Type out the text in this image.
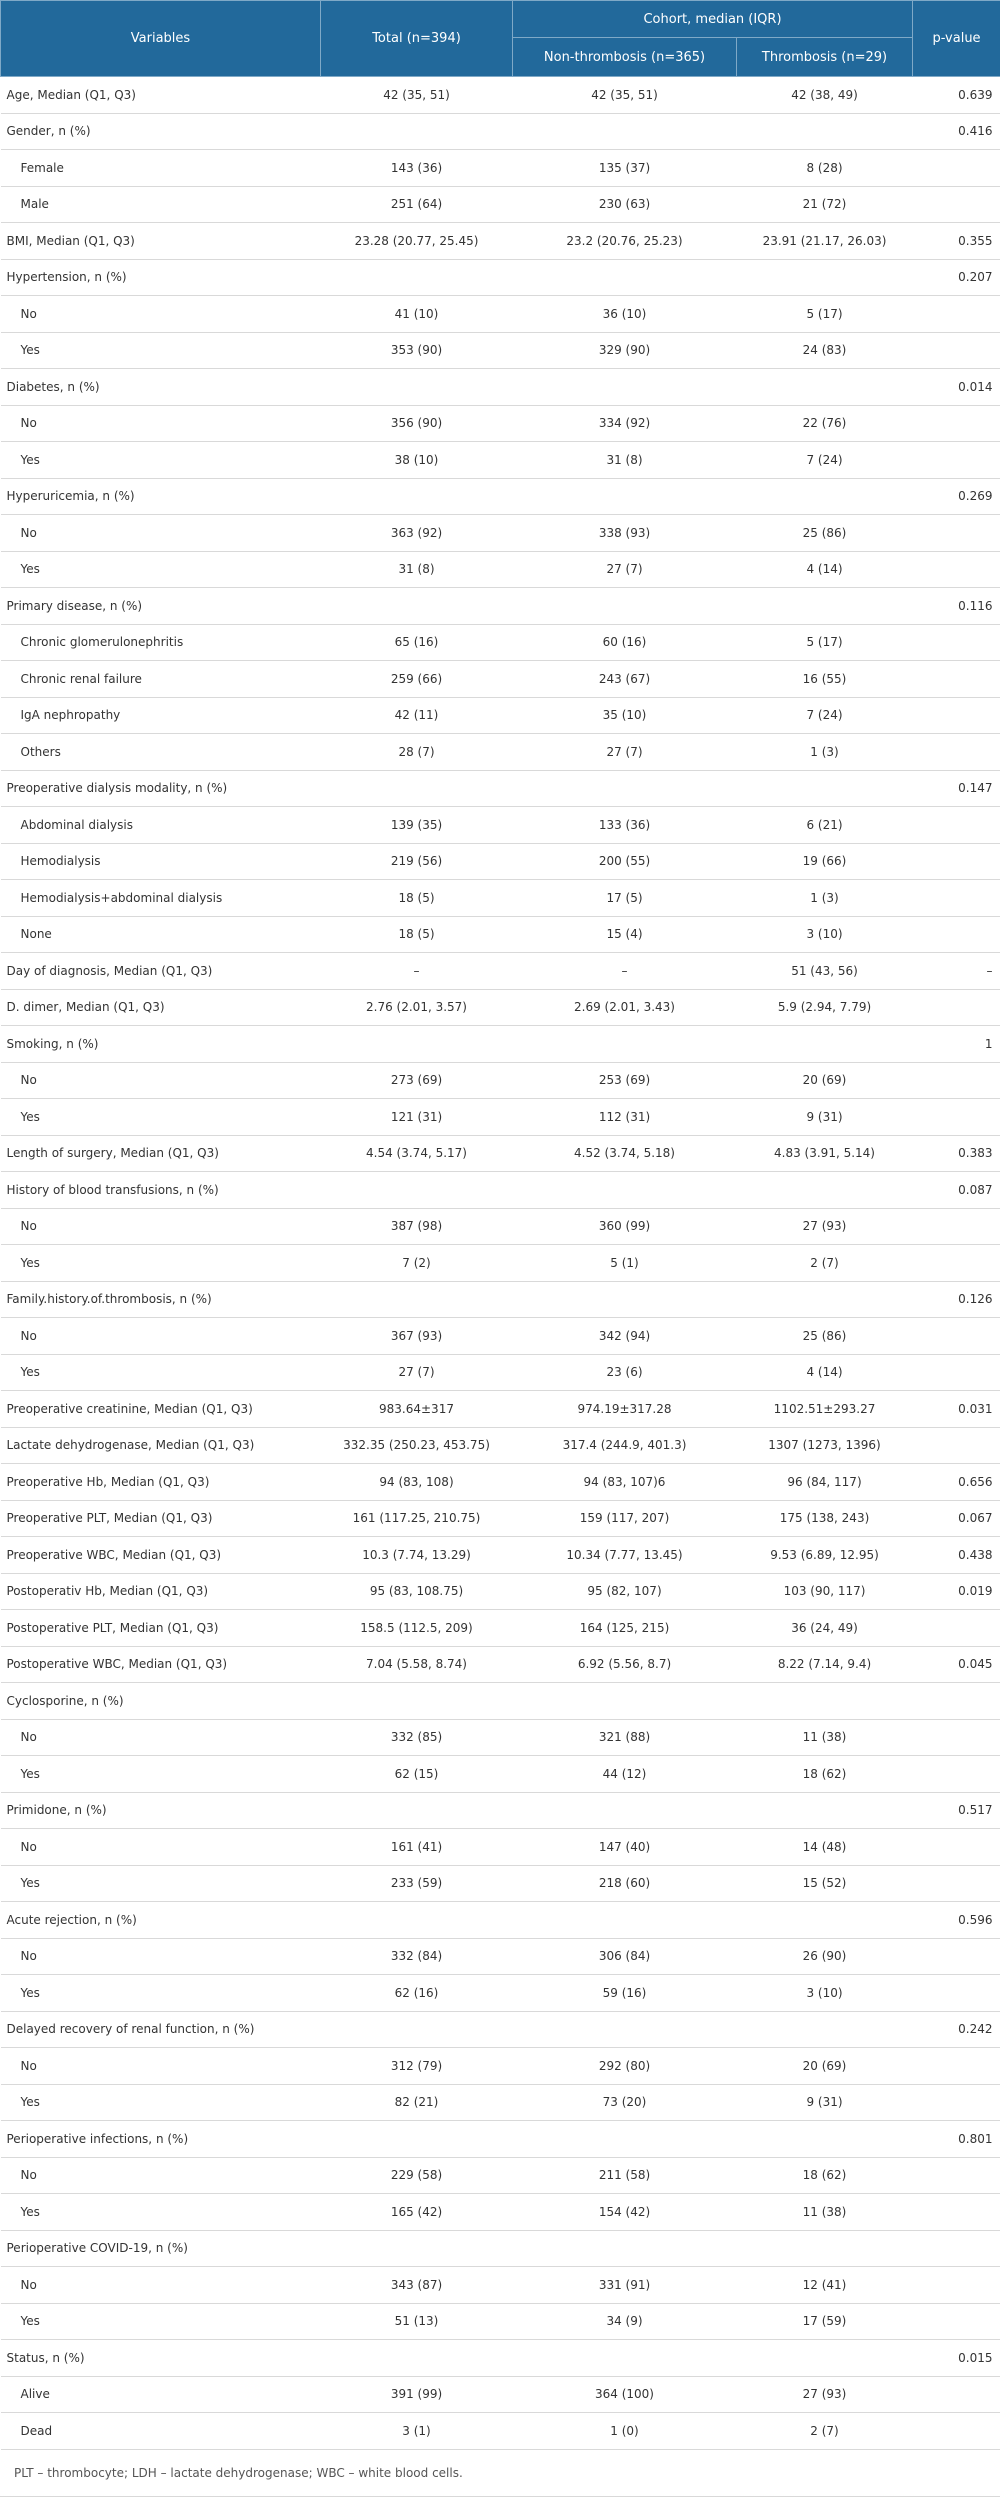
Variables	Total (n=394)	Cohort, median (IQR)		p-value
		Non-thrombosis (n=365)	Thrombosis (n=29)	
Age, Median (Q1, Q3)	42 (35, 51)	42 (35, 51)	42 (38, 49)	0.639
Gender, n (%)				0.416
Female	143 (36)	135 (37)	8 (28)	
Male	251 (64)	230 (63)	21 (72)	
BMI, Median (Q1, Q3)	23.28 (20.77, 25.45)	23.2 (20.76, 25.23)	23.91 (21.17, 26.03)	0.355
Hypertension, n (%)				0.207
No	41 (10)	36 (10)	5 (17)	
Yes	353 (90)	329 (90)	24 (83)	
Diabetes, n (%)				0.014
No	356 (90)	334 (92)	22 (76)	
Yes	38 (10)	31 (8)	7 (24)	
Hyperuricemia, n (%)				0.269
No	363 (92)	338 (93)	25 (86)	
Yes	31 (8)	27 (7)	4 (14)	
Primary disease, n (%)				0.116
Chronic glomerulonephritis	65 (16)	60 (16)	5 (17)	
Chronic renal failure	259 (66)	243 (67)	16 (55)	
IgA nephropathy	42 (11)	35 (10)	7 (24)	
Others	28 (7)	27 (7)	1 (3)	
Preoperative dialysis modality, n (%)				0.147
Abdominal dialysis	139 (35)	133 (36)	6 (21)	
Hemodialysis	219 (56)	200 (55)	19 (66)	
Hemodialysis+abdominal dialysis	18 (5)	17 (5)	1 (3)	
None	18 (5)	15 (4)	3 (10)	
Day of diagnosis, Median (Q1, Q3)	–	–	51 (43, 56)	–
D. dimer, Median (Q1, Q3)	2.76 (2.01, 3.57)	2.69 (2.01, 3.43)	5.9 (2.94, 7.79)	
Smoking, n (%)				1
No	273 (69)	253 (69)	20 (69)	
Yes	121 (31)	112 (31)	9 (31)	
Length of surgery, Median (Q1, Q3)	4.54 (3.74, 5.17)	4.52 (3.74, 5.18)	4.83 (3.91, 5.14)	0.383
History of blood transfusions, n (%)				0.087
No	387 (98)	360 (99)	27 (93)	
Yes	7 (2)	5 (1)	2 (7)	
Family.history.of.thrombosis, n (%)				0.126
No	367 (93)	342 (94)	25 (86)	
Yes	27 (7)	23 (6)	4 (14)	
Preoperative creatinine, Median (Q1, Q3)	983.64±317	974.19±317.28	1102.51±293.27	0.031
Lactate dehydrogenase, Median (Q1, Q3)	332.35 (250.23, 453.75)	317.4 (244.9, 401.3)	1307 (1273, 1396)	
Preoperative Hb, Median (Q1, Q3)	94 (83, 108)	94 (83, 107)6	96 (84, 117)	0.656
Preoperative PLT, Median (Q1, Q3)	161 (117.25, 210.75)	159 (117, 207)	175 (138, 243)	0.067
Preoperative WBC, Median (Q1, Q3)	10.3 (7.74, 13.29)	10.34 (7.77, 13.45)	9.53 (6.89, 12.95)	0.438
Postoperativ Hb, Median (Q1, Q3)	95 (83, 108.75)	95 (82, 107)	103 (90, 117)	0.019
Postoperative PLT, Median (Q1, Q3)	158.5 (112.5, 209)	164 (125, 215)	36 (24, 49)	
Postoperative WBC, Median (Q1, Q3)	7.04 (5.58, 8.74)	6.92 (5.56, 8.7)	8.22 (7.14, 9.4)	0.045
Cyclosporine, n (%)				
No	332 (85)	321 (88)	11 (38)	
Yes	62 (15)	44 (12)	18 (62)	
Primidone, n (%)				0.517
No	161 (41)	147 (40)	14 (48)	
Yes	233 (59)	218 (60)	15 (52)	
Acute rejection, n (%)				0.596
No	332 (84)	306 (84)	26 (90)	
Yes	62 (16)	59 (16)	3 (10)	
Delayed recovery of renal function, n (%)				0.242
No	312 (79)	292 (80)	20 (69)	
Yes	82 (21)	73 (20)	9 (31)	
Perioperative infections, n (%)				0.801
No	229 (58)	211 (58)	18 (62)	
Yes	165 (42)	154 (42)	11 (38)	
Perioperative COVID-19, n (%)				
No	343 (87)	331 (91)	12 (41)	
Yes	51 (13)	34 (9)	17 (59)	
Status, n (%)				0.015
Alive	391 (99)	364 (100)	27 (93)	
Dead	3 (1)	1 (0)	2 (7)	
PLT – thrombocyte; LDH – lactate dehydrogenase; WBC – white blood cells.
